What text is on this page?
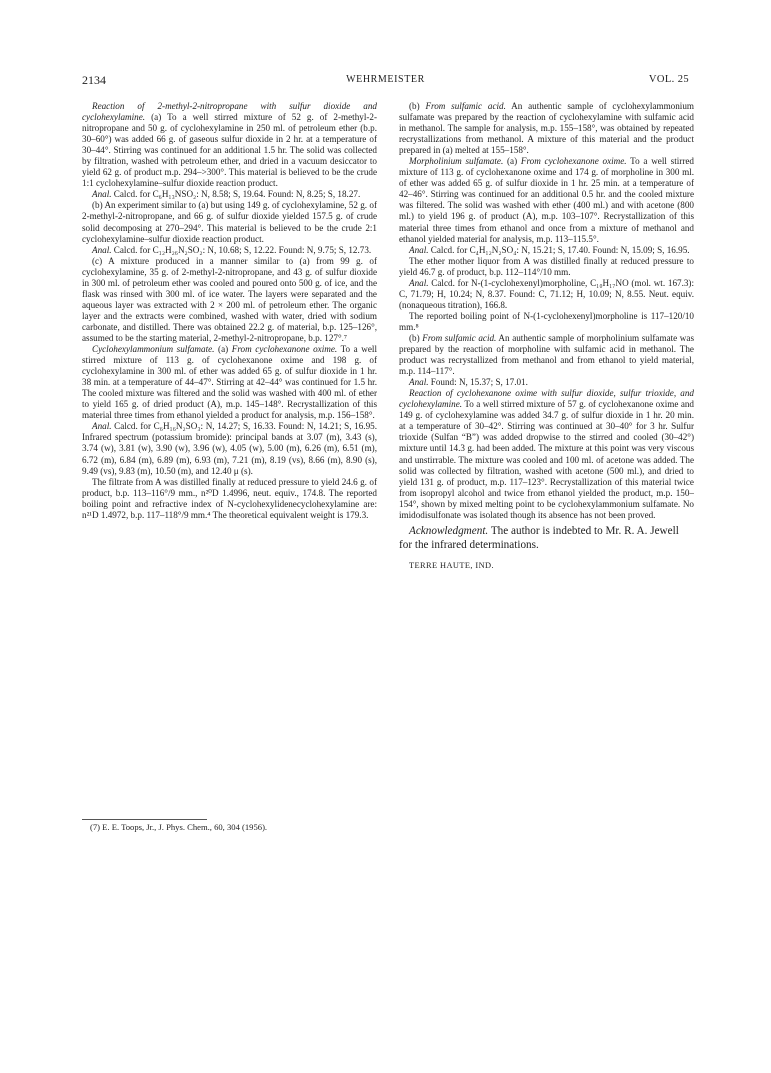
2134	WEHRMEISTER	VOL. 25

Reaction of 2-methyl-2-nitropropane with sulfur dioxide and cyclohexylamine. (a) To a well stirred mixture of 52 g. of 2-methyl-2-nitropropane and 50 g. of cyclohexylamine in 250 ml. of petroleum ether (b.p. 30–60°) was added 66 g. of gaseous sulfur dioxide in 2 hr. at a temperature of 30–44°. Stirring was continued for an additional 1.5 hr. The solid was collected by filtration, washed with petroleum ether, and dried in a vacuum desiccator to yield 62 g. of product m.p. 294–>300°. This material is believed to be the crude 1:1 cyclohexylamine–sulfur dioxide reaction product.

Anal. Calcd. for C₆H₁₃NSO₂: N, 8.58; S, 19.64. Found: N, 8.25; S, 18.27.

(b) An experiment similar to (a) but using 149 g. of cyclohexylamine, 52 g. of 2-methyl-2-nitropropane, and 66 g. of sulfur dioxide yielded 157.5 g. of crude solid decomposing at 270–294°. This material is believed to be the crude 2:1 cyclohexylamine–sulfur dioxide reaction product.

Anal. Calcd. for C₁₂H₂₆N₂SO₂: N, 10.68; S, 12.22. Found: N, 9.75; S, 12.73.

(c) A mixture produced in a manner similar to (a) from 99 g. of cyclohexylamine, 35 g. of 2-methyl-2-nitropropane, and 43 g. of sulfur dioxide in 300 ml. of petroleum ether was cooled and poured onto 500 g. of ice, and the flask was rinsed with 300 ml. of ice water. The layers were separated and the aqueous layer was extracted with 2 × 200 ml. of petroleum ether. The organic layer and the extracts were combined, washed with water, dried with sodium carbonate, and distilled. There was obtained 22.2 g. of material, b.p. 125–126°, assumed to be the starting material, 2-methyl-2-nitropropane, b.p. 127°.⁷

Cyclohexylammonium sulfamate. (a) From cyclohexanone oxime. To a well stirred mixture of 113 g. of cyclohexanone oxime and 198 g. of cyclohexylamine in 300 ml. of ether was added 65 g. of sulfur dioxide in 1 hr. 38 min. at a temperature of 44–47°. Stirring at 42–44° was continued for 1.5 hr. The cooled mixture was filtered and the solid was washed with 400 ml. of ether to yield 165 g. of dried product (A), m.p. 145–148°. Recrystallization of this material three times from ethanol yielded a product for analysis, m.p. 156–158°.

Anal. Calcd. for C₆H₁₆N₂SO₃: N, 14.27; S, 16.33. Found: N, 14.21; S, 16.95. Infrared spectrum (potassium bromide): principal bands at 3.07 (m), 3.43 (s), 3.74 (w), 3.81 (w), 3.90 (w), 3.96 (w), 4.05 (w), 5.00 (m), 6.26 (m), 6.51 (m), 6.72 (m), 6.84 (m), 6.89 (m), 6.93 (m), 7.21 (m), 8.19 (vs), 8.66 (m), 8.90 (s), 9.49 (vs), 9.83 (m), 10.50 (m), and 12.40 μ (s).

The filtrate from A was distilled finally at reduced pressure to yield 24.6 g. of product, b.p. 113–116°/9 mm., n²⁰D 1.4996, neut. equiv., 174.8. The reported boiling point and refractive index of N-cyclohexylidenecyclohexylamine are: n²¹D 1.4972, b.p. 117–118°/9 mm.⁴ The theoretical equivalent weight is 179.3.

(7) E. E. Toops, Jr., J. Phys. Chem., 60, 304 (1956).

(b) From sulfamic acid. An authentic sample of cyclohexylammonium sulfamate was prepared by the reaction of cyclohexylamine with sulfamic acid in methanol. The sample for analysis, m.p. 155–158°, was obtained by repeated recrystallizations from methanol. A mixture of this material and the product prepared in (a) melted at 155–158°.

Morpholinium sulfamate. (a) From cyclohexanone oxime. To a well stirred mixture of 113 g. of cyclohexanone oxime and 174 g. of morpholine in 300 ml. of ether was added 65 g. of sulfur dioxide in 1 hr. 25 min. at a temperature of 42–46°. Stirring was continued for an additional 0.5 hr. and the cooled mixture was filtered. The solid was washed with ether (400 ml.) and with acetone (800 ml.) to yield 196 g. of product (A), m.p. 103–107°. Recrystallization of this material three times from ethanol and once from a mixture of methanol and ethanol yielded material for analysis, m.p. 113–115.5°.

Anal. Calcd. for C₄H₁₂N₂SO₄: N, 15.21; S, 17.40. Found: N, 15.09; S, 16.95.

The ether mother liquor from A was distilled finally at reduced pressure to yield 46.7 g. of product, b.p. 112–114°/10 mm.

Anal. Calcd. for N-(1-cyclohexenyl)morpholine, C₁₀H₁₇NO (mol. wt. 167.3): C, 71.79; H, 10.24; N, 8.37. Found: C, 71.12; H, 10.09; N, 8.55. Neut. equiv. (nonaqueous titration), 166.8.

The reported boiling point of N-(1-cyclohexenyl)morpholine is 117–120/10 mm.⁸

(b) From sulfamic acid. An authentic sample of morpholinium sulfamate was prepared by the reaction of morpholine with sulfamic acid in methanol. The product was recrystallized from methanol and from ethanol to yield material, m.p. 114–117°.

Anal. Found: N, 15.37; S, 17.01.

Reaction of cyclohexanone oxime with sulfur dioxide, sulfur trioxide, and cyclohexylamine. To a well stirred mixture of 57 g. of cyclohexanone oxime and 149 g. of cyclohexylamine was added 34.7 g. of sulfur dioxide in 1 hr. 20 min. at a temperature of 30–42°. Stirring was continued at 30–40° for 3 hr. Sulfur trioxide (Sulfan “B”) was added dropwise to the stirred and cooled (30–42°) mixture until 14.3 g. had been added. The mixture at this point was very viscous and unstirrable. The mixture was cooled and 100 ml. of acetone was added. The solid was collected by filtration, washed with acetone (500 ml.), and dried to yield 131 g. of product, m.p. 117–123°. Recrystallization of this material twice from isopropyl alcohol and twice from ethanol yielded the product, m.p. 150–154°, shown by mixed melting point to be cyclohexylammonium sulfamate. No imidodisulfonate was isolated though its absence has not been proved.

Acknowledgment. The author is indebted to Mr. R. A. Jewell for the infrared determinations.

TERRE HAUTE, IND.
